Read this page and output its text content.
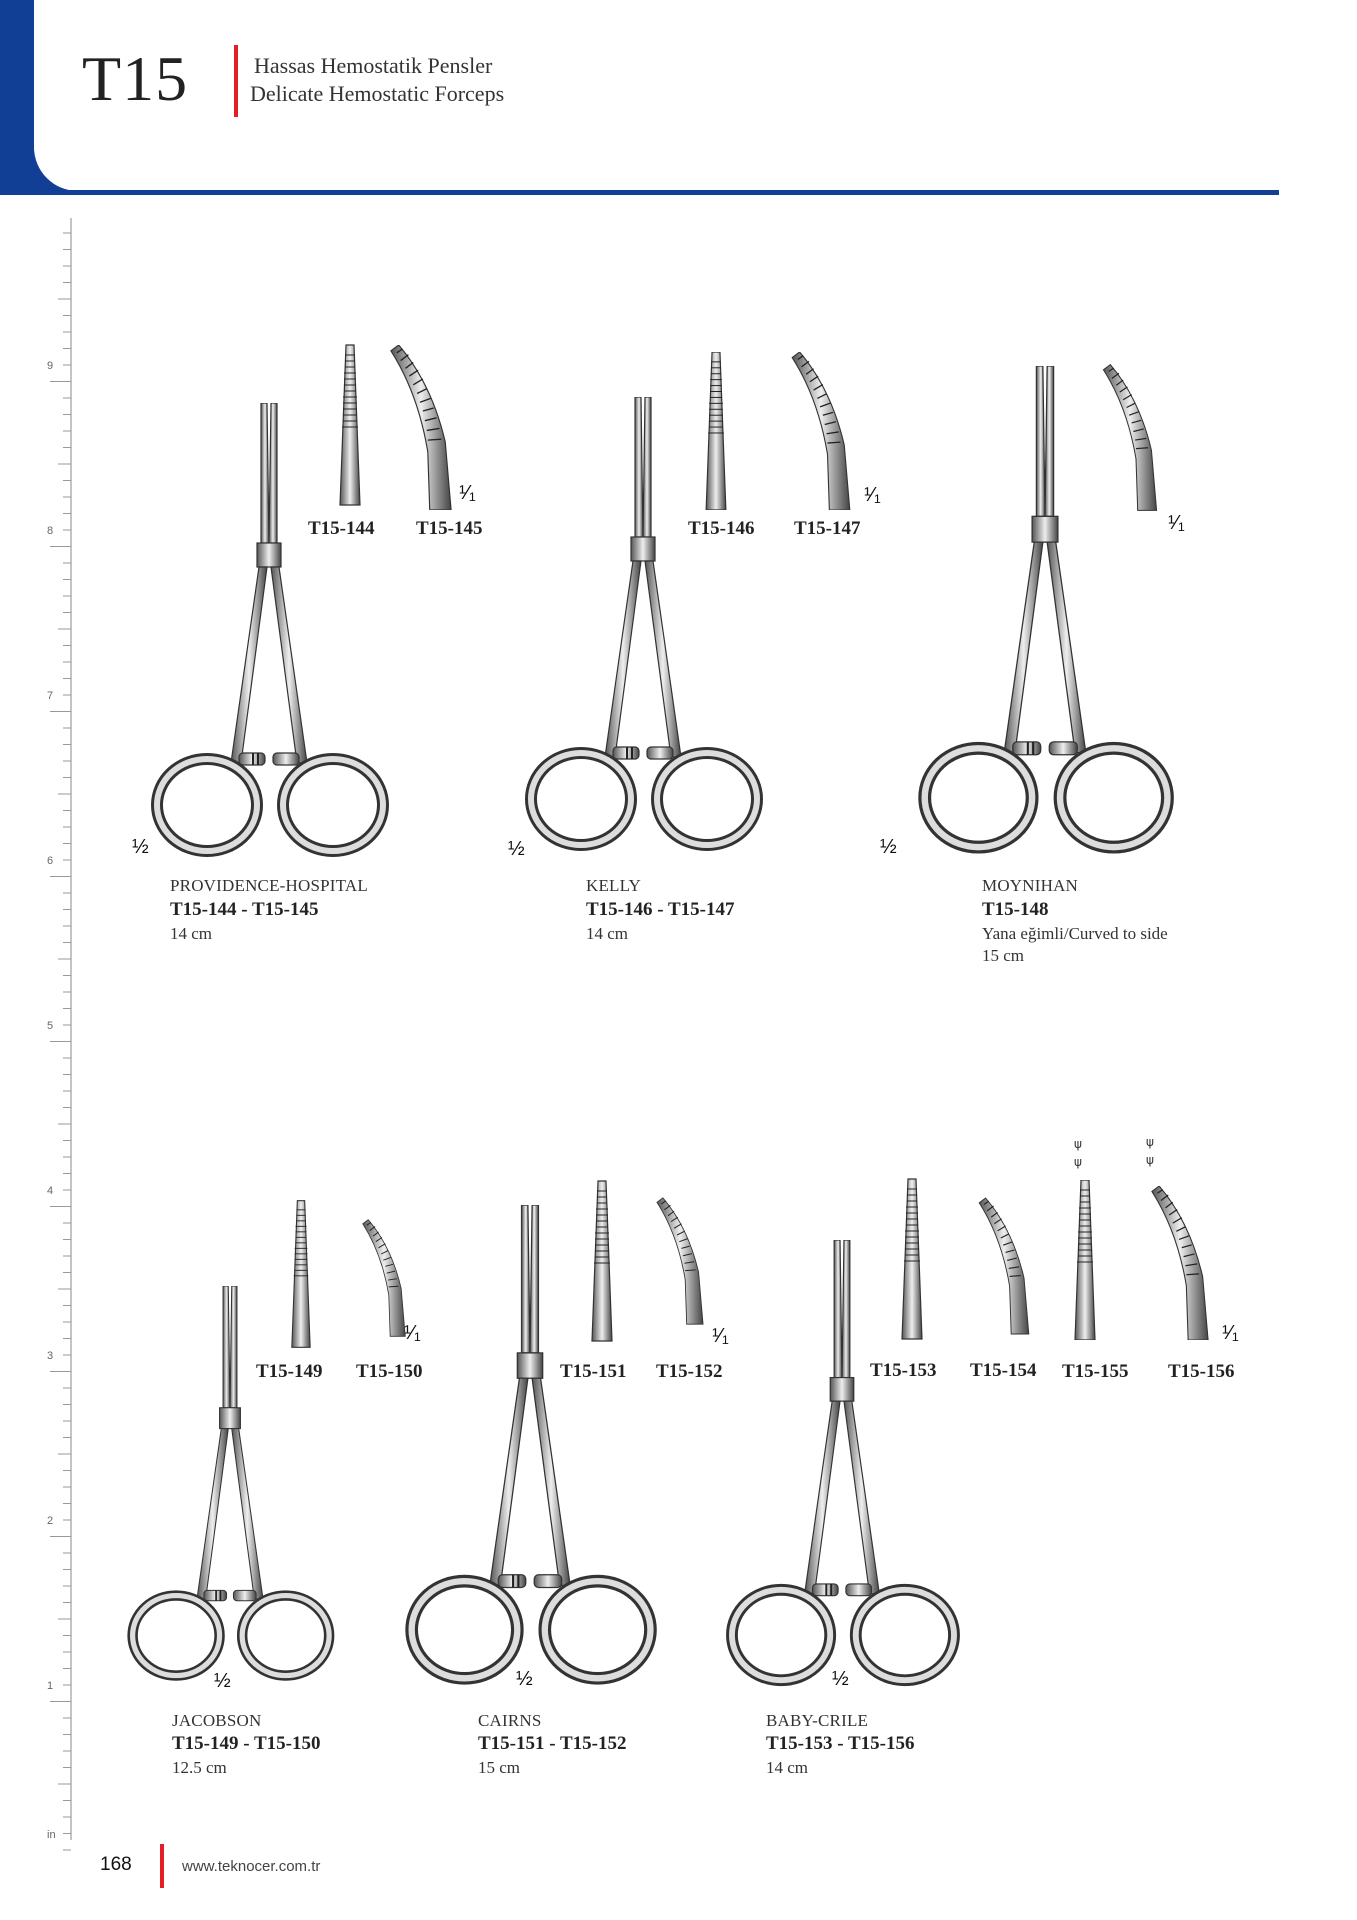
T15	Hassas Hemostatik Pensler
Delicate Hemostatic Forceps
9
8
7
6
5
4
3
2
1
in
ψ
ψ
ψ
ψ
½
¹⁄₁
½
¹⁄₁
½
¹⁄₁
T15-144 T15-145	T15-146 T15-147
PROVIDENCE-HOSPITAL
T15-144 - T15-145
14 cm
KELLY
T15-146 - T15-147
14 cm
MOYNIHAN
T15-148
Yana eğimli/Curved to side
15 cm
¹⁄₁
½
¹⁄₁
½	½
¹⁄₁
T15-149 T15-150	T15-151 T15-152	T15-153 T15-154 T15-155 T15-156
JACOBSON
T15-149 - T15-150
12.5 cm
CAIRNS
T15-151 - T15-152
15 cm
BABY-CRILE
T15-153 - T15-156
14 cm
168	www.teknocer.com.tr
